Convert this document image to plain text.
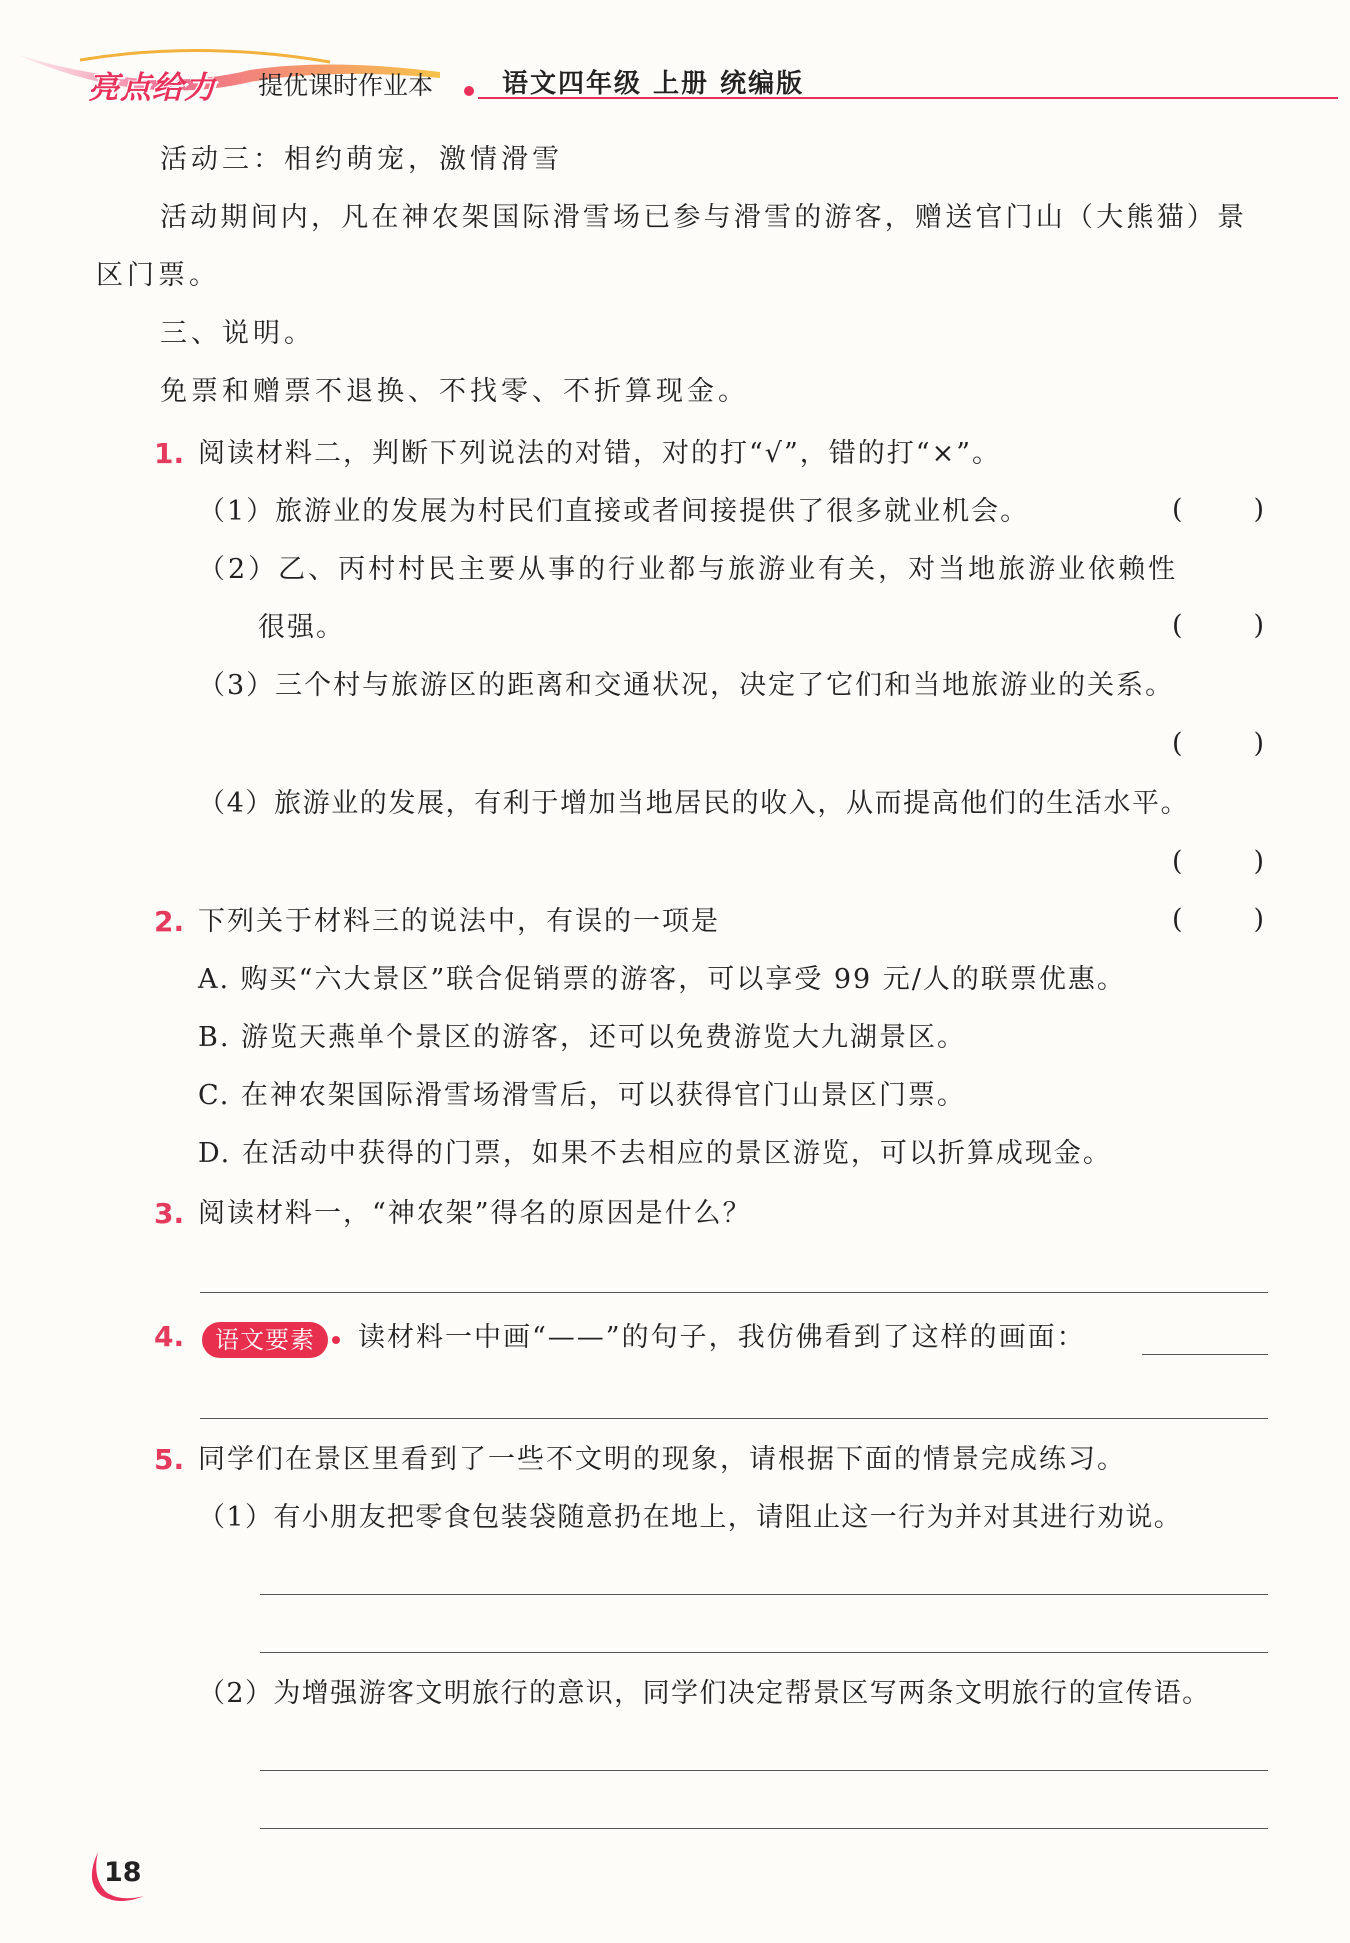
亮点给力 提优课时作业本	语文四年级 上册 统编版
活动三：相约萌宠，激情滑雪
活动期间内，凡在神农架国际滑雪场已参与滑雪的游客，赠送官门山（大熊猫）景
区门票。
三、说明。
免票和赠票不退换、不找零、不折算现金。
1. 阅读材料二，判断下列说法的对错，对的打“√”，错的打“×”。
（1）旅游业的发展为村民们直接或者间接提供了很多就业机会。	(	)
（2）乙、丙村村民主要从事的行业都与旅游业有关，对当地旅游业依赖性
很强。	(	)
（3）三个村与旅游区的距离和交通状况，决定了它们和当地旅游业的关系。
(	)
（4）旅游业的发展，有利于增加当地居民的收入，从而提高他们的生活水平。
(	)
2. 下列关于材料三的说法中，有误的一项是	(	)
A. 购买“六大景区”联合促销票的游客，可以享受 99 元/人的联票优惠。
B. 游览天燕单个景区的游客，还可以免费游览大九湖景区。
C. 在神农架国际滑雪场滑雪后，可以获得官门山景区门票。
D. 在活动中获得的门票，如果不去相应的景区游览，可以折算成现金。
3. 阅读材料一，“神农架”得名的原因是什么？
4.	语文要素	读材料一中画“——”的句子，我仿佛看到了这样的画面：
5. 同学们在景区里看到了一些不文明的现象，请根据下面的情景完成练习。
（1）有小朋友把零食包装袋随意扔在地上，请阻止这一行为并对其进行劝说。
（2）为增强游客文明旅行的意识，同学们决定帮景区写两条文明旅行的宣传语。
18
